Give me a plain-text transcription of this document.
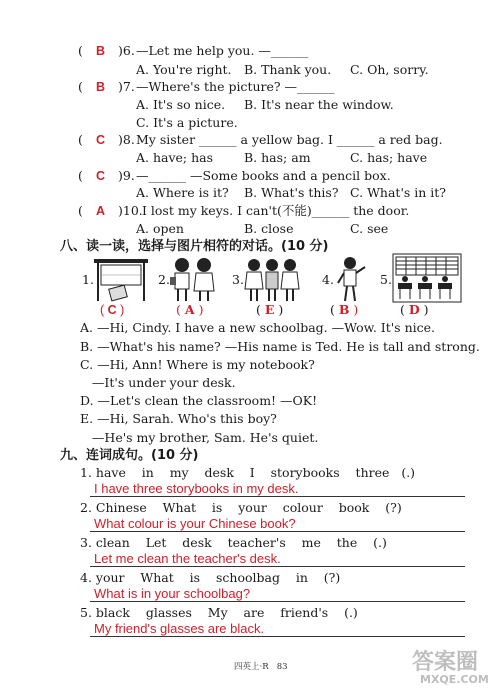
( B )6. —Let me help you. —______
A. You're right. B. Thank you. C. Oh, sorry.
( B )7. —Where's the picture? —______
A. It's so nice. B. It's near the window.
C. It's a picture.
( C )8. My sister ______ a yellow bag. I ______ a red bag.
A. have; has B. has; am	C. has; have
( C )9. —______ —Some books and a pencil box.
A. Where is it? B. What's this? C. What's in it?
( A )10. I lost my keys. I can't(不能)______ the door.
A. open	B. close	C. see
八、读一读，选择与图片相符的对话。(10 分)
1.
( C )
2.
( A )
3.
( E )
4.
( B )
5.
( D )
A. —Hi, Cindy. I have a new schoolbag. —Wow. It's nice.
B. —What's his name? —His name is Ted. He is tall and strong.
C. —Hi, Ann! Where is my notebook?
—It's under your desk.
D. —Let's clean the classroom! —OK!
E. —Hi, Sarah. Who's this boy?
—He's my brother, Sam. He's quiet.
九、连词成句。(10 分)
1. have    in    my    desk    I    storybooks    three   (.)
I have three storybooks in my desk.
2. Chinese    What    is    your    colour    book    (?)
What colour is your Chinese book?
3. clean    Let    desk    teacher's    me    the    (.)
Let me clean the teacher's desk.
4. your    What    is    schoolbag    in    (?)
What is in your schoolbag?
5. black    glasses    My    are    friend's    (.)
My friend's glasses are black.
四英上·R   83	答案圈
MXQE.COM
